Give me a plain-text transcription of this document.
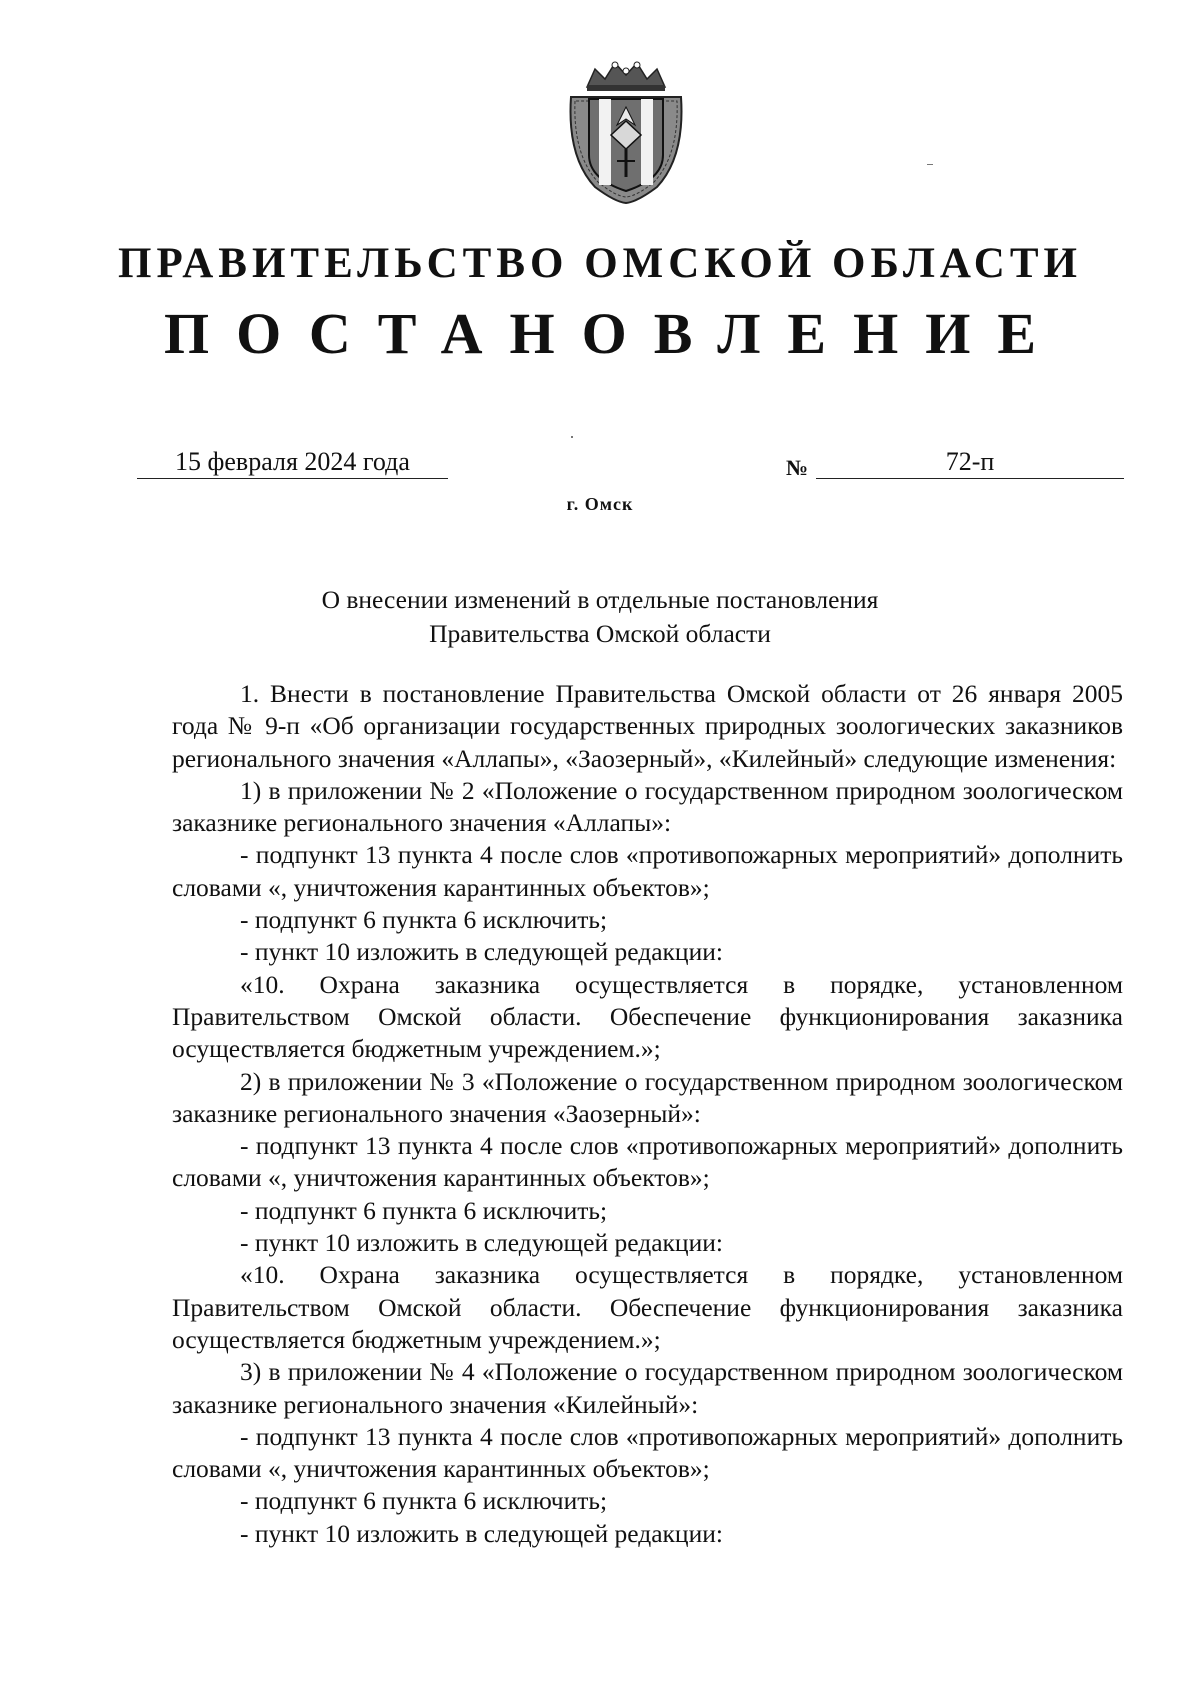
ПРАВИТЕЛЬСТВО ОМСКОЙ ОБЛАСТИ
ПОСТАНОВЛЕНИЕ
15 февраля 2024 года	№	72-п
г. Омск
О внесении изменений в отдельные постановления
Правительства Омской области

1. Внести в постановление Правительства Омской области от 26 января 2005 года № 9-п «Об организации государственных природных зоологических заказников регионального значения «Аллапы», «Заозерный», «Килейный» следующие изменения:

1) в приложении № 2 «Положение о государственном природном зоологическом заказнике регионального значения «Аллапы»:

- подпункт 13 пункта 4 после слов «противопожарных мероприятий» дополнить словами «, уничтожения карантинных объектов»;

- подпункт 6 пункта 6 исключить;

- пункт 10 изложить в следующей редакции:

«10. Охрана заказника осуществляется в порядке, установленном Правительством Омской области. Обеспечение функционирования заказника осуществляется бюджетным учреждением.»;

2) в приложении № 3 «Положение о государственном природном зоологическом заказнике регионального значения «Заозерный»:

- подпункт 13 пункта 4 после слов «противопожарных мероприятий» дополнить словами «, уничтожения карантинных объектов»;

- подпункт 6 пункта 6 исключить;

- пункт 10 изложить в следующей редакции:

«10. Охрана заказника осуществляется в порядке, установленном Правительством Омской области. Обеспечение функционирования заказника осуществляется бюджетным учреждением.»;

3) в приложении № 4 «Положение о государственном природном зоологическом заказнике регионального значения «Килейный»:

- подпункт 13 пункта 4 после слов «противопожарных мероприятий» дополнить словами «, уничтожения карантинных объектов»;

- подпункт 6 пункта 6 исключить;

- пункт 10 изложить в следующей редакции:
